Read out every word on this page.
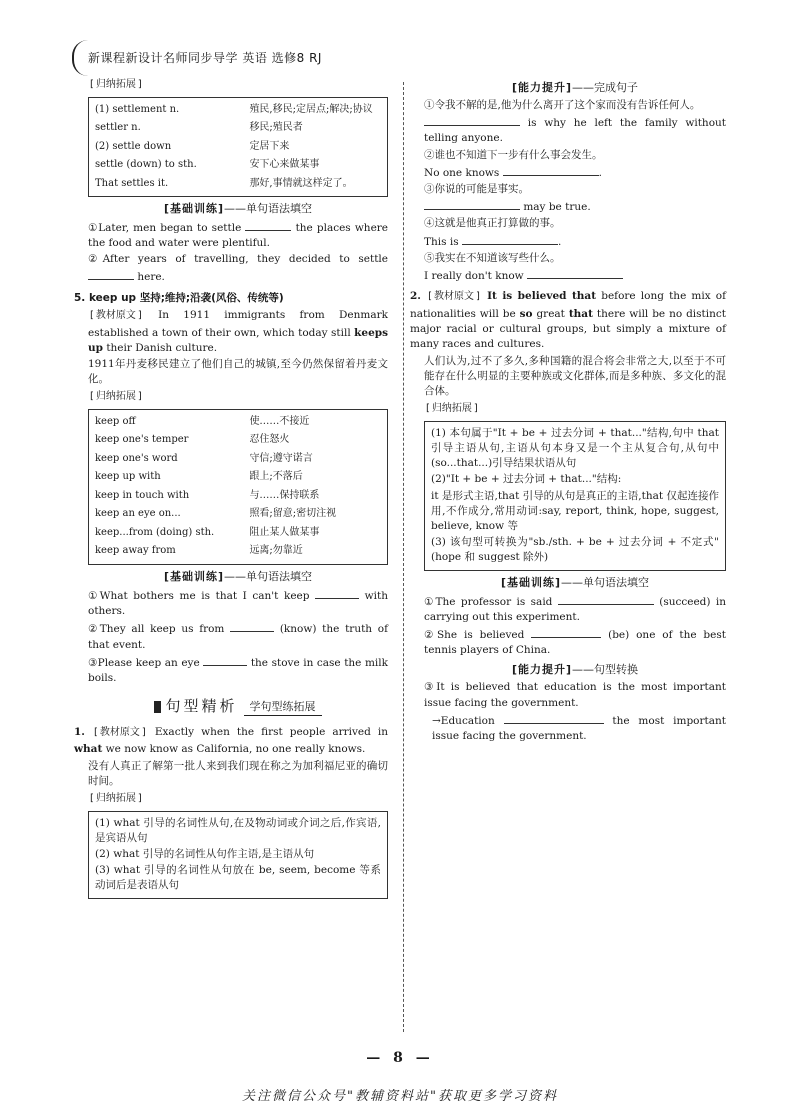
新课程新设计名师同步导学 英语 选修8 RJ
[ 归纳拓展 ]
(1) settlement n.	殖民,移民;定居点;解决;协议
settler n.	移民;殖民者
(2) settle down	定居下来
settle (down) to sth.	安下心来做某事
That settles it.	那好,事情就这样定了。
[基础训练]——单句语法填空
①Later, men began to settle	the places where the food and water were plentiful.
②After years of travelling, they decided to settle  here.
5. keep up 坚持;维持;沿袭(风俗、传统等)
[ 教材原文 ] In 1911 immigrants from Denmark established a town of their own, which today still keeps up their Danish culture.
1911年丹麦移民建立了他们自己的城镇,至今仍然保留着丹麦文化。
[ 归纳拓展 ]
keep off	使……不接近
keep one's temper	忍住怒火
keep one's word	守信;遵守诺言
keep up with	跟上;不落后
keep in touch with	与……保持联系
keep an eye on...	照看;留意;密切注视
keep...from (doing) sth.	阻止某人做某事
keep away from	远离;勿靠近
[基础训练]——单句语法填空
①What bothers me is that I can't keep	with others.
②They all keep us from	(know) the truth of that event.
③Please keep an eye	the stove in case the milk boils.
句型精析	学句型练拓展
1. [ 教材原文 ] Exactly when the first people arrived in what we now know as California, no one really knows.
没有人真正了解第一批人来到我们现在称之为加利福尼亚的确切时间。
[ 归纳拓展 ]
(1) what 引导的名词性从句,在及物动词或介词之后,作宾语,是宾语从句
(2) what 引导的名词性从句作主语,是主语从句
(3) what 引导的名词性从句放在 be, seem, become 等系动词后是表语从句
[能力提升]——完成句子
①令我不解的是,他为什么离开了这个家而没有告诉任何人。
is why he left the family without telling anyone.
②谁也不知道下一步有什么事会发生。
No one knows	.
③你说的可能是事实。
may be true.
④这就是他真正打算做的事。
This is	.
⑤我实在不知道该写些什么。
I really don't know
2. [ 教材原文 ] It is believed that before long the mix of nationalities will be so great that there will be no distinct major racial or cultural groups, but simply a mixture of many races and cultures.
人们认为,过不了多久,多种国籍的混合将会非常之大,以至于不可能存在什么明显的主要种族或文化群体,而是多种族、多文化的混合体。
[ 归纳拓展 ]
(1) 本句属于"It + be + 过去分词 + that..."结构,句中 that 引导主语从句,主语从句本身又是一个主从复合句,从句中(so...that...)引导结果状语从句
(2)"It + be + 过去分词 + that..."结构:
it 是形式主语,that 引导的从句是真正的主语,that 仅起连接作用,不作成分,常用动词:say, report, think, hope, suggest, believe, know 等
(3) 该句型可转换为"sb./sth. + be + 过去分词 + 不定式"(hope 和 suggest 除外)
[基础训练]——单句语法填空
①The professor is said	(succeed) in carrying out this experiment.
②She is believed	(be) one of the best tennis players of China.
[能力提升]——句型转换
③It is believed that education is the most important issue facing the government.
→Education	the most important issue facing the government.
— 8 —
关注微信公众号"教辅资料站"获取更多学习资料
